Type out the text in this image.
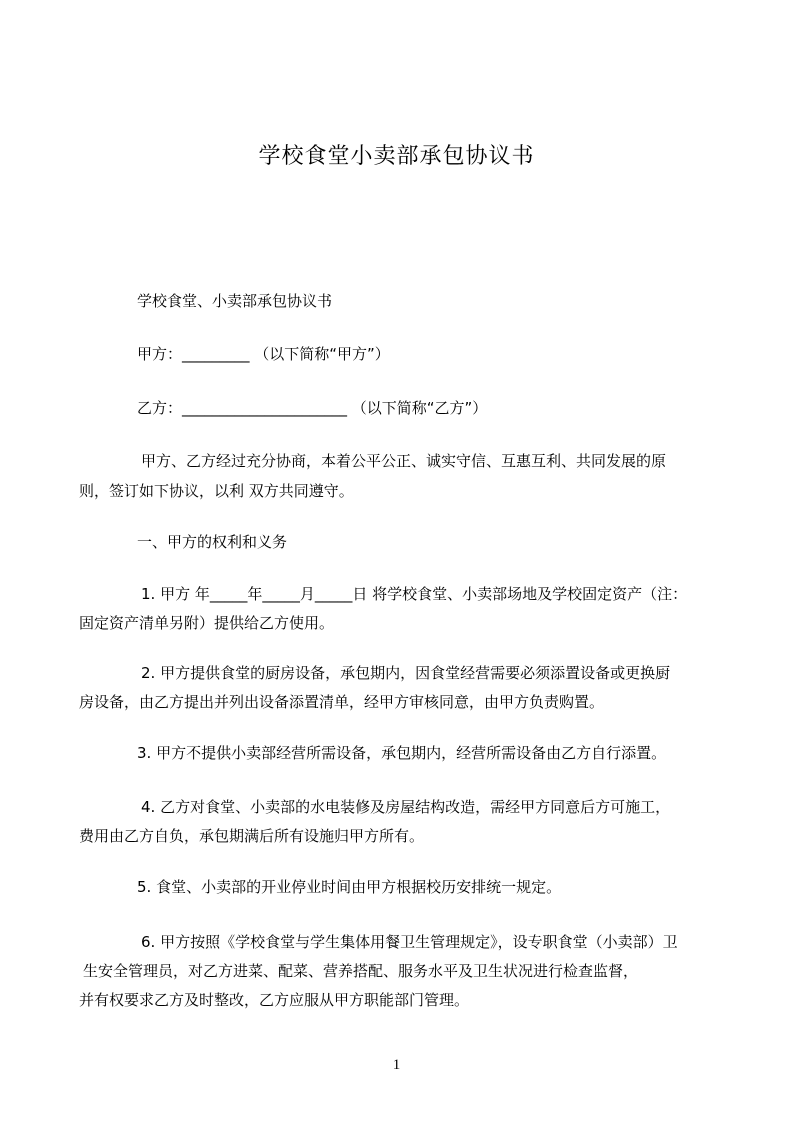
学校食堂小卖部承包协议书
学校食堂、小卖部承包协议书
甲方：_________ （以下简称“甲方”）
乙方：______________________ （以下简称“乙方”）
甲方、乙方经过充分协商，本着公平公正、诚实守信、互惠互利、共同发展的原
则，签订如下协议，以利 双方共同遵守。
一、甲方的权利和义务
1. 甲方 年_____年_____月_____日 将学校食堂、小卖部场地及学校固定资产（注：
固定资产清单另附）提供给乙方使用。
2. 甲方提供食堂的厨房设备，承包期内，因食堂经营需要必须添置设备或更换厨
房设备，由乙方提出并列出设备添置清单，经甲方审核同意，由甲方负责购置。
3. 甲方不提供小卖部经营所需设备，承包期内，经营所需设备由乙方自行添置。
4. 乙方对食堂、小卖部的水电装修及房屋结构改造，需经甲方同意后方可施工，
费用由乙方自负，承包期满后所有设施归甲方所有。
5. 食堂、小卖部的开业停业时间由甲方根据校历安排统一规定。
6. 甲方按照《学校食堂与学生集体用餐卫生管理规定》，设专职食堂（小卖部）卫
生安全管理员，对乙方进菜、配菜、营养搭配、服务水平及卫生状况进行检查监督，
并有权要求乙方及时整改，乙方应服从甲方职能部门管理。
1
